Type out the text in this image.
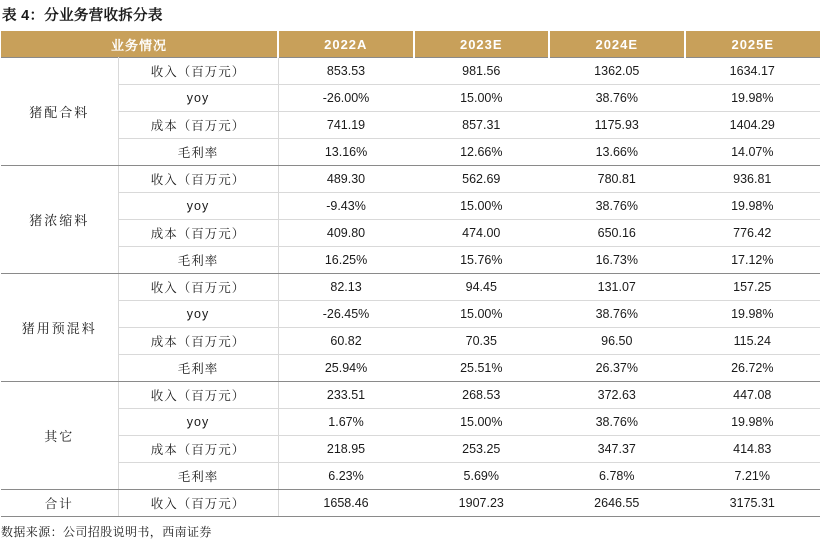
表 4：分业务营收拆分表
业务情况		2022A	2023E	2024E	2025E
猪配合料	收入（百万元）	853.53	981.56	1362.05	1634.17
	yoy	-26.00%	15.00%	38.76%	19.98%
	成本（百万元）	741.19	857.31	1175.93	1404.29
	毛利率	13.16%	12.66%	13.66%	14.07%
猪浓缩料	收入（百万元）	489.30	562.69	780.81	936.81
	yoy	-9.43%	15.00%	38.76%	19.98%
	成本（百万元）	409.80	474.00	650.16	776.42
	毛利率	16.25%	15.76%	16.73%	17.12%
猪用预混料	收入（百万元）	82.13	94.45	131.07	157.25
	yoy	-26.45%	15.00%	38.76%	19.98%
	成本（百万元）	60.82	70.35	96.50	115.24
	毛利率	25.94%	25.51%	26.37%	26.72%
其它	收入（百万元）	233.51	268.53	372.63	447.08
	yoy	1.67%	15.00%	38.76%	19.98%
	成本（百万元）	218.95	253.25	347.37	414.83
	毛利率	6.23%	5.69%	6.78%	7.21%
合计	收入（百万元）	1658.46	1907.23	2646.55	3175.31
数据来源：公司招股说明书，西南证券
